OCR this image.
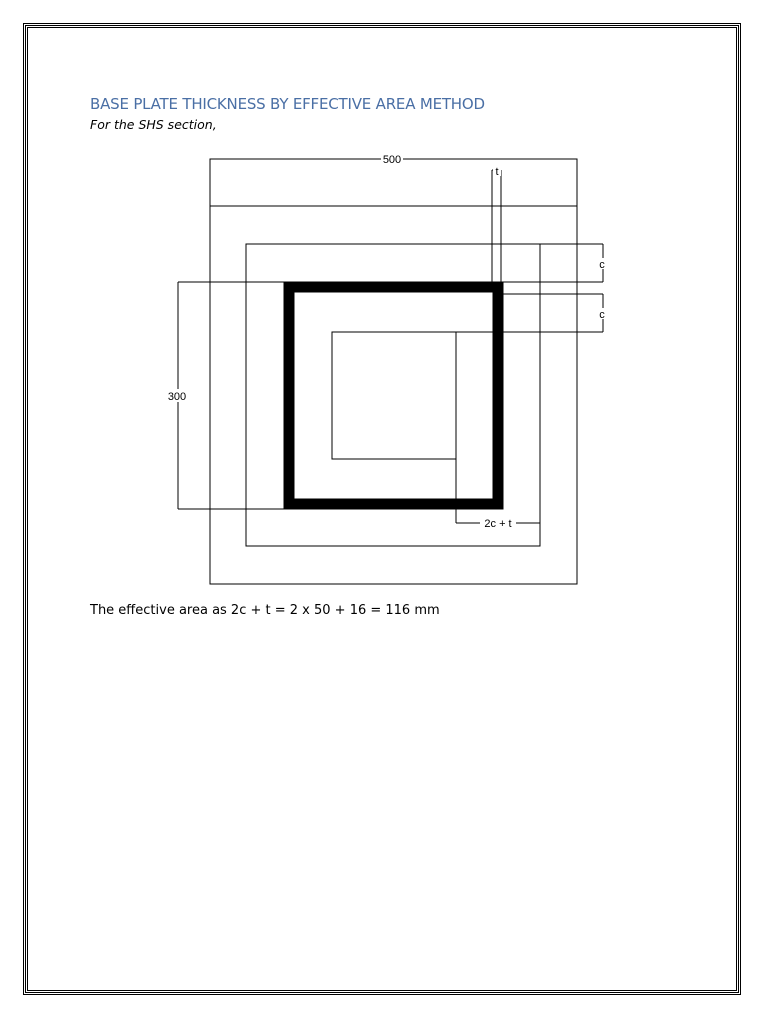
BASE PLATE THICKNESS BY EFFECTIVE AREA METHOD
For the SHS section,
500
300
t
c
c
2c + t
The effective area as 2c + t = 2 x 50 + 16 = 116 mm
